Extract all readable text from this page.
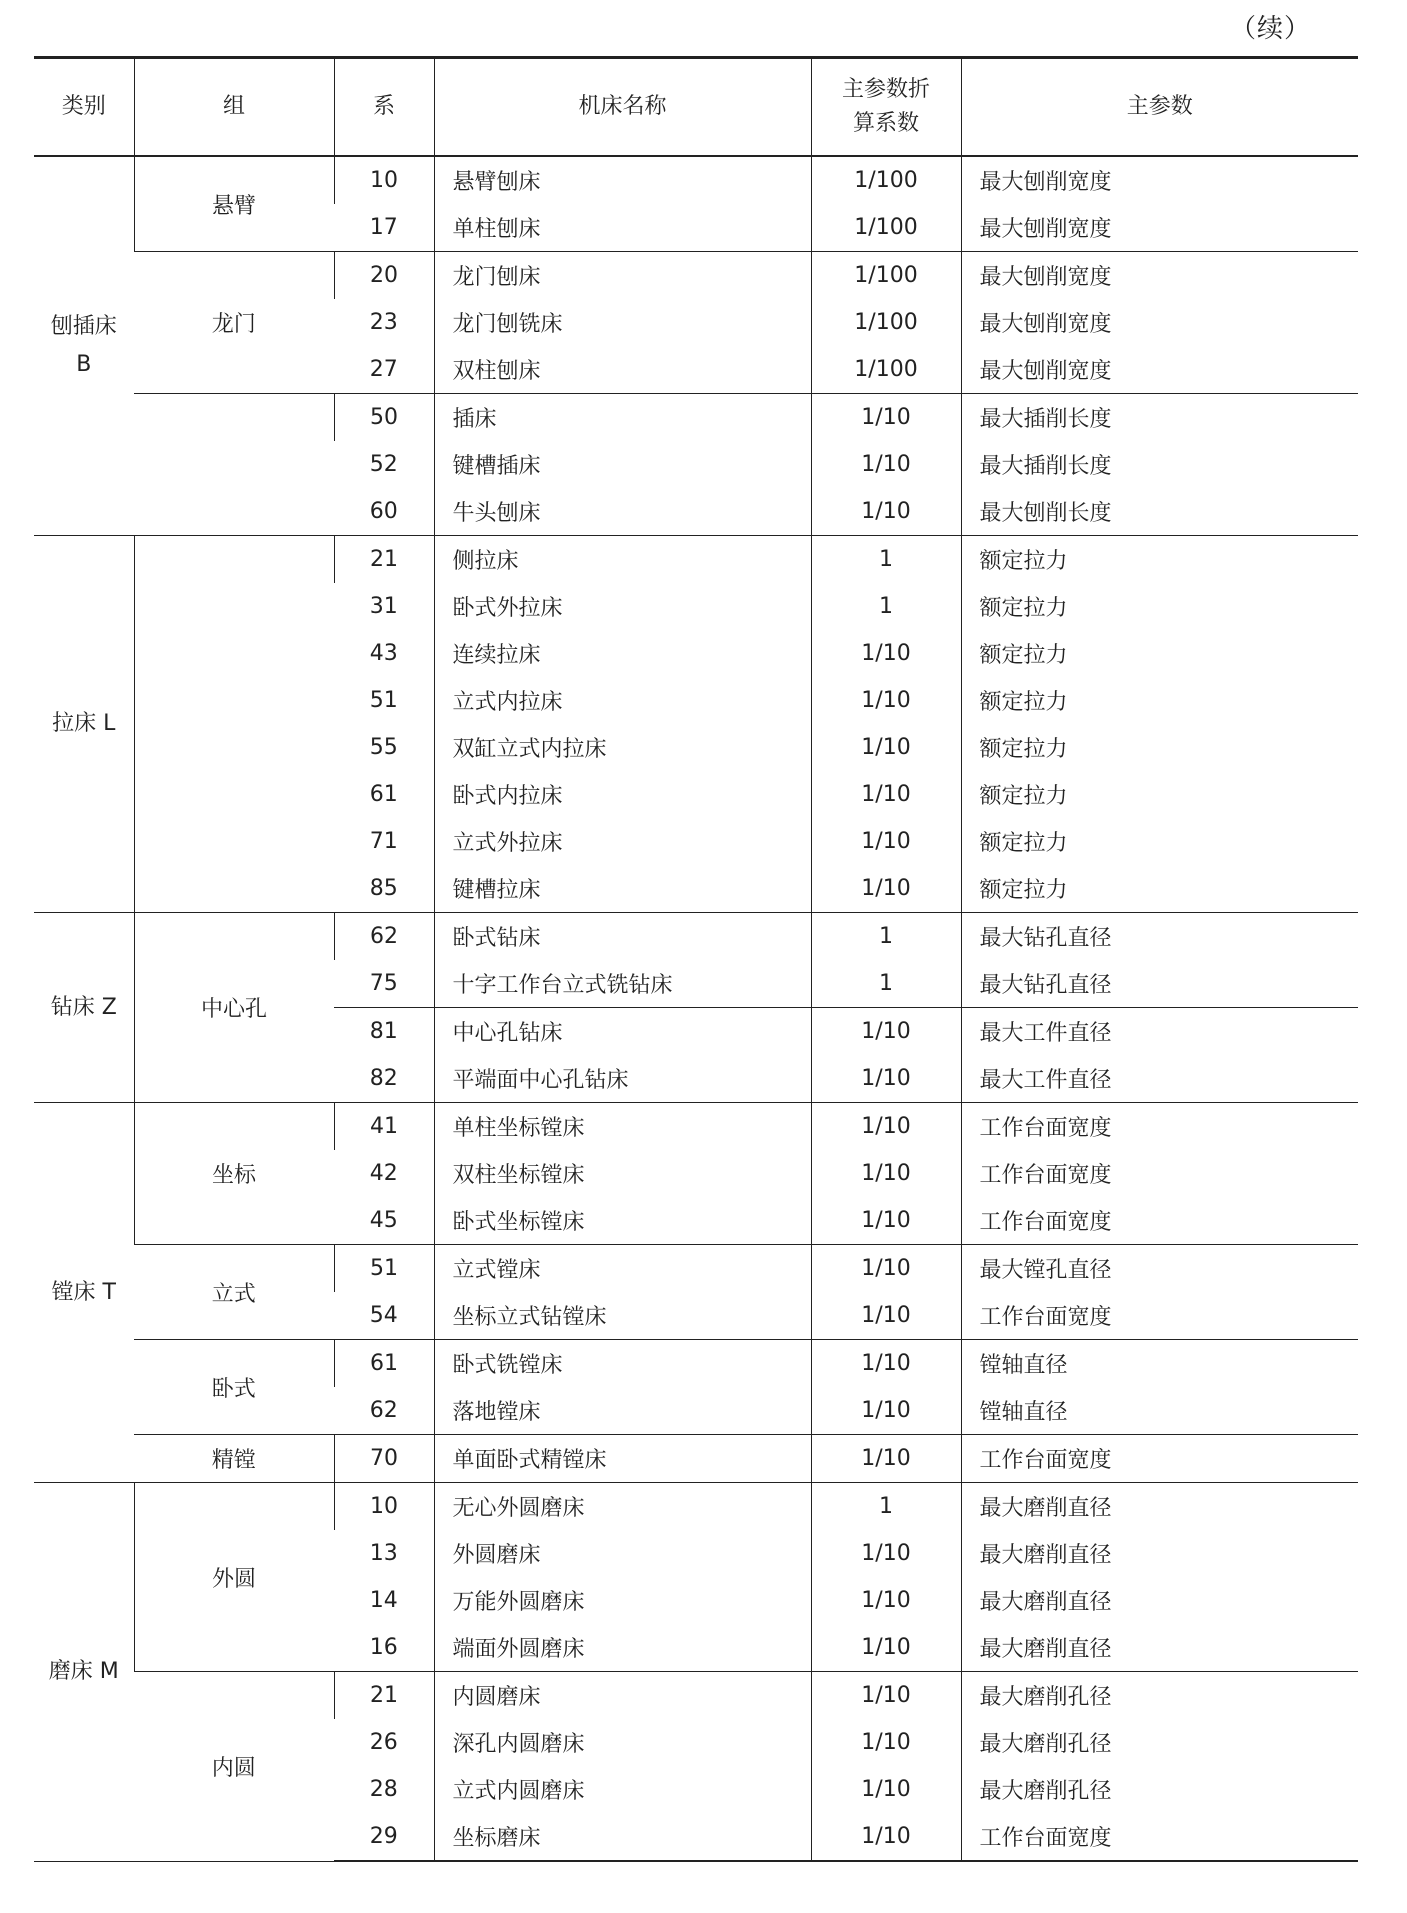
（续）
类别	组	系	机床名称	主参数折
算系数	主参数
刨插床
B	悬臂	10	悬臂刨床	1/100	最大刨削宽度
		17	单柱刨床	1/100	最大刨削宽度
	龙门	20	龙门刨床	1/100	最大刨削宽度
		23	龙门刨铣床	1/100	最大刨削宽度
		27	双柱刨床	1/100	最大刨削宽度
		50	插床	1/10	最大插削长度
		52	键槽插床	1/10	最大插削长度
		60	牛头刨床	1/10	最大刨削长度
拉床 L		21	侧拉床	1	额定拉力
		31	卧式外拉床	1	额定拉力
		43	连续拉床	1/10	额定拉力
		51	立式内拉床	1/10	额定拉力
		55	双缸立式内拉床	1/10	额定拉力
		61	卧式内拉床	1/10	额定拉力
		71	立式外拉床	1/10	额定拉力
		85	键槽拉床	1/10	额定拉力
钻床 Z	中心孔	62	卧式钻床	1	最大钻孔直径
		75	十字工作台立式铣钻床	1	最大钻孔直径
		81	中心孔钻床	1/10	最大工件直径
		82	平端面中心孔钻床	1/10	最大工件直径
镗床 T	坐标	41	单柱坐标镗床	1/10	工作台面宽度
		42	双柱坐标镗床	1/10	工作台面宽度
		45	卧式坐标镗床	1/10	工作台面宽度
	立式	51	立式镗床	1/10	最大镗孔直径
		54	坐标立式钻镗床	1/10	工作台面宽度
	卧式	61	卧式铣镗床	1/10	镗轴直径
		62	落地镗床	1/10	镗轴直径
	精镗	70	单面卧式精镗床	1/10	工作台面宽度
磨床 M	外圆	10	无心外圆磨床	1	最大磨削直径
		13	外圆磨床	1/10	最大磨削直径
		14	万能外圆磨床	1/10	最大磨削直径
		16	端面外圆磨床	1/10	最大磨削直径
	内圆	21	内圆磨床	1/10	最大磨削孔径
		26	深孔内圆磨床	1/10	最大磨削孔径
		28	立式内圆磨床	1/10	最大磨削孔径
		29	坐标磨床	1/10	工作台面宽度
